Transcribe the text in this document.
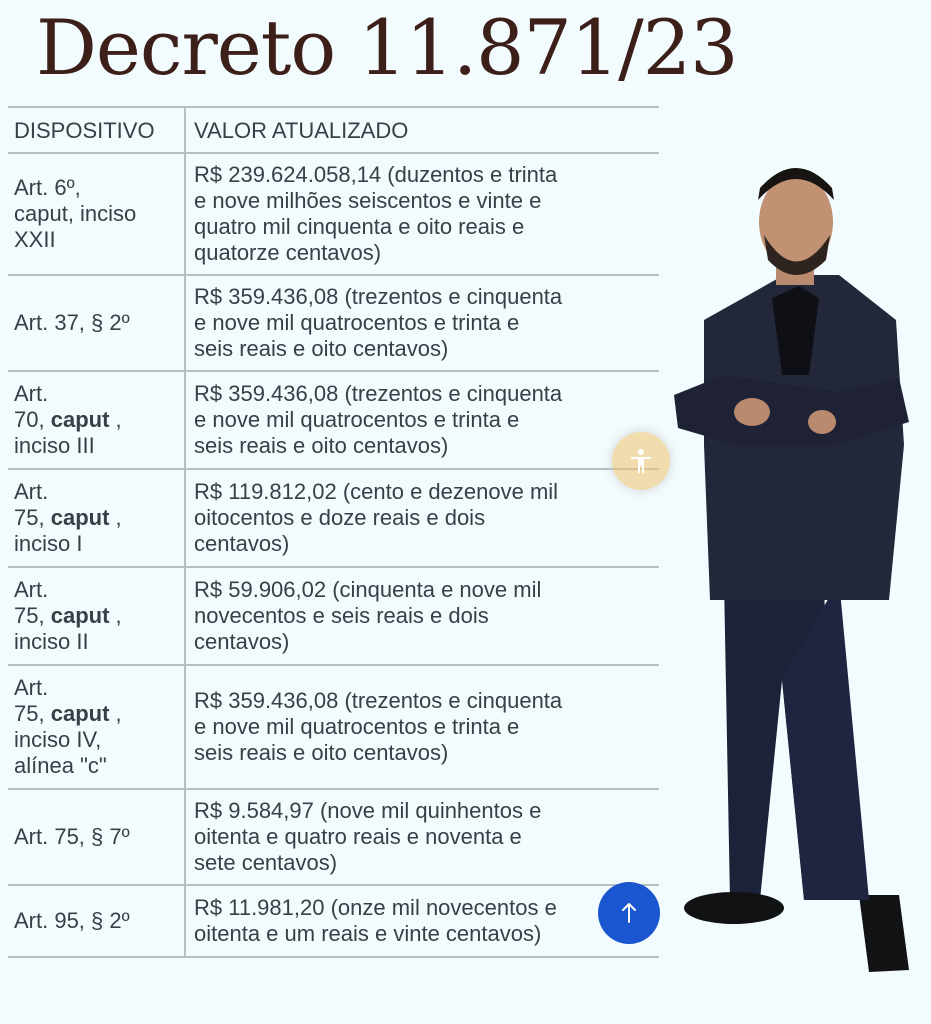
Decreto 11.871/23
DISPOSITIVO	VALOR ATUALIZADO
Art. 6º,
caput, inciso
XXII	R$ 239.624.058,14 (duzentos e trinta
e nove milhões seiscentos e vinte e
quatro mil cinquenta e oito reais e
quatorze centavos)
Art. 37, § 2º	R$ 359.436,08 (trezentos e cinquenta
e nove mil quatrocentos e trinta e
seis reais e oito centavos)
Art.
70, caput ,
inciso III	R$ 359.436,08 (trezentos e cinquenta
e nove mil quatrocentos e trinta e
seis reais e oito centavos)
Art.
75, caput ,
inciso I	R$ 119.812,02 (cento e dezenove mil
oitocentos e doze reais e dois
centavos)
Art.
75, caput ,
inciso II	R$ 59.906,02 (cinquenta e nove mil
novecentos e seis reais e dois
centavos)
Art.
75, caput ,
inciso IV,
alínea "c"	R$ 359.436,08 (trezentos e cinquenta
e nove mil quatrocentos e trinta e
seis reais e oito centavos)
Art. 75, § 7º	R$ 9.584,97 (nove mil quinhentos e
oitenta e quatro reais e noventa e
sete centavos)
Art. 95, § 2º	R$ 11.981,20 (onze mil novecentos e
oitenta e um reais e vinte centavos)
